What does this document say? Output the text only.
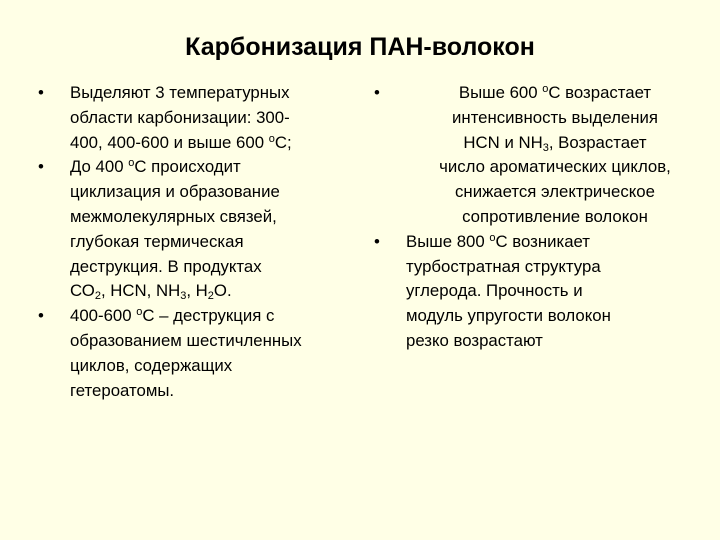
Карбонизация ПАН-волокон
• Выделяют 3 температурных
области карбонизации: 300-
400, 400-600 и выше 600 $^о$С;
• До 400 $^о$С происходит
циклизация и образование
межмолекулярных связей,
глубокая термическая
деструкция. В продуктах
$СО_2$, HCN, $NH_3$, $H_2O$.
• 400-600 $^о$С – деструкция с
образованием шестичленных
циклов, содержащих
гетероатомы.
•	Выше 600 $^о$С возрастает
интенсивность выделения
HCN и $NH_3$, Возрастает
число ароматических циклов,
снижается электрическое
сопротивление волокон
• Выше 800 $^о$С возникает
турбостратная структура
углерода. Прочность и
модуль упругости волокон
резко возрастают
